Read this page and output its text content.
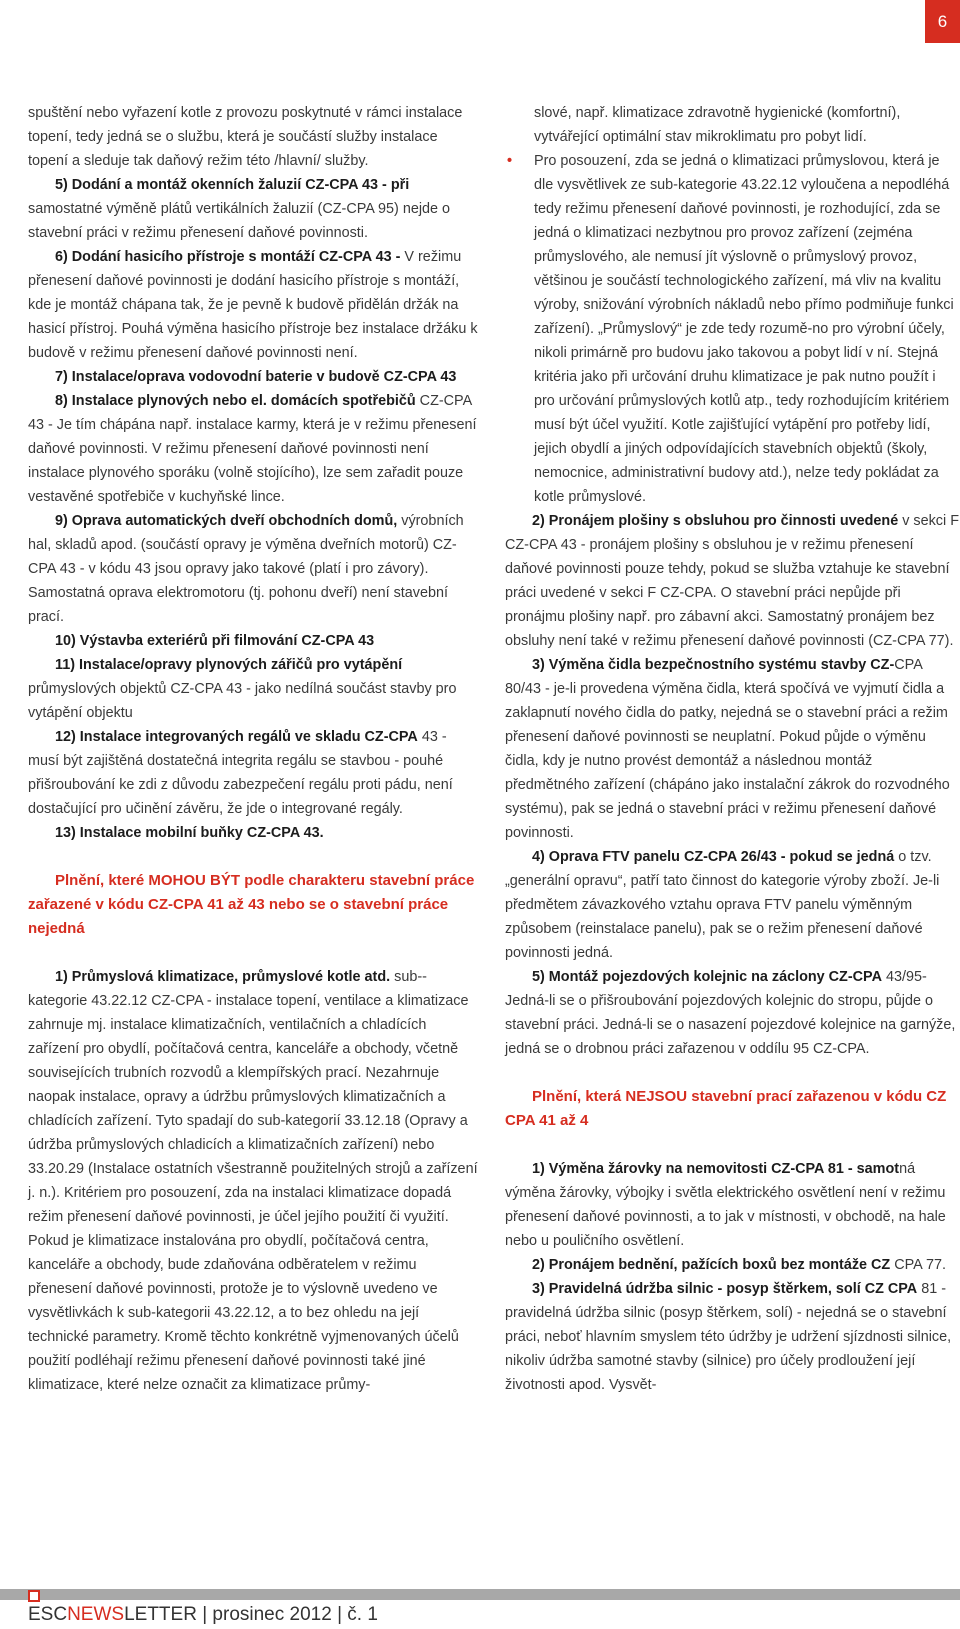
6

spuštění nebo vyřazení kotle z provozu poskytnuté v rámci instalace topení, tedy jedná se o službu, která je součástí služby instalace topení a sleduje tak daňový režim této /hlavní/ služby.

5) Dodání a montáž okenních žaluzií CZ-CPA 43 - při samostatné výměně plátů vertikálních žaluzií (CZ-CPA 95) nejde o stavební práci v režimu přenesení daňové povinnosti.

6) Dodání hasicího přístroje s montáží CZ-CPA 43 - V režimu přenesení daňové povinnosti je dodání hasicího přístroje s montáží, kde je montáž chápana tak, že je pevně k budově přidělán držák na hasicí přístroj. Pouhá výměna hasicího přístroje bez instalace držáku k budově v režimu přenesení daňové povinnosti není.

7) Instalace/oprava vodovodní baterie v budově CZ-CPA 43

8) Instalace plynových nebo el. domácích spotřebičů CZ-CPA 43 - Je tím chápána např. instalace karmy, která je v režimu přenesení daňové povinnosti. V režimu přenesení daňové povinnosti není instalace plynového sporáku (volně stojícího), lze sem zařadit pouze vestavěné spotřebiče v kuchyňské lince.

9) Oprava automatických dveří obchodních domů, výrobních hal, skladů apod. (součástí opravy je výměna dveřních motorů) CZ-CPA 43 - v kódu 43 jsou opravy jako takové (platí i pro závory). Samostatná oprava elektromotoru (tj. pohonu dveří) není stavební prací.

10) Výstavba exteriérů při filmování CZ-CPA 43

11) Instalace/opravy plynových zářičů pro vytápění průmyslových objektů CZ-CPA 43 - jako nedílná součást stavby pro vytápění objektu

12) Instalace integrovaných regálů ve skladu CZ-CPA 43 - musí být zajištěná dostatečná integrita regálu se stavbou - pouhé přišroubování ke zdi z důvodu zabezpečení regálu proti pádu, není dostačující pro učinění závěru, že jde o integrované regály.

13) Instalace mobilní buňky CZ-CPA 43.

Plnění, které MOHOU BÝT podle charakteru stavební práce zařazené v kódu CZ-CPA 41 až 43 nebo se o stavební práce nejedná

1) Průmyslová klimatizace, průmyslové kotle atd. sub--kategorie 43.22.12 CZ-CPA - instalace topení, ventilace a klimatizace zahrnuje mj. instalace klimatizačních, ventilačních a chladících zařízení pro obydlí, počítačová centra, kanceláře a obchody, včetně souvisejících trubních rozvodů a klempířských prací. Nezahrnuje naopak instalace, opravy a údržbu průmyslových klimatizačních a chladících zařízení. Tyto spadají do sub-kategorií 33.12.18 (Opravy a údržba průmyslových chladicích a klimatizačních zařízení) nebo 33.20.29 (Instalace ostatních všestranně použitelných strojů a zařízení j. n.). Kritériem pro posouzení, zda na instalaci klimatizace dopadá režim přenesení daňové povinnosti, je účel jejího použití či využití. Pokud je klimatizace instalována pro obydlí, počítačová centra, kanceláře a obchody, bude zdaňována odběratelem v režimu přenesení daňové povinnosti, protože je to výslovně uvedeno ve vysvětlivkách k sub-kategorii 43.22.12, a to bez ohledu na její technické parametry. Kromě těchto konkrétně vyjmenovaných účelů použití podléhají režimu přenesení daňové povinnosti také jiné klimatizace, které nelze označit za klimatizace průmy-

slové, např. klimatizace zdravotně hygienické (komfortní), vytvářející optimální stav mikroklimatu pro pobyt lidí.

• Pro posouzení, zda se jedná o klimatizaci průmyslovou, která je dle vysvětlivek ze sub-kategorie 43.22.12 vyloučena a nepodléhá tedy režimu přenesení daňové povinnosti, je rozhodující, zda se jedná o klimatizaci nezbytnou pro provoz zařízení (zejména průmyslového, ale nemusí jít výslovně o průmyslový provoz, většinou je součástí technologického zařízení, má vliv na kvalitu výroby, snižování výrobních nákladů nebo přímo podmiňuje funkci zařízení). „Průmyslový“ je zde tedy rozumě-no pro výrobní účely, nikoli primárně pro budovu jako takovou a pobyt lidí v ní. Stejná kritéria jako při určování druhu klimatizace je pak nutno použít i pro určování průmyslových kotlů atp., tedy rozhodujícím kritériem musí být účel využití. Kotle zajišťující vytápění pro potřeby lidí, jejich obydlí a jiných odpovídajících stavebních objektů (školy, nemocnice, administrativní budovy atd.), nelze tedy pokládat za kotle průmyslové.

2) Pronájem plošiny s obsluhou pro činnosti uvedené v sekci F CZ-CPA 43 - pronájem plošiny s obsluhou je v režimu přenesení daňové povinnosti pouze tehdy, pokud se služba vztahuje ke stavební práci uvedené v sekci F CZ-CPA. O stavební práci nepůjde při pronájmu plošiny např. pro zábavní akci. Samostatný pronájem bez obsluhy není také v režimu přenesení daňové povinnosti (CZ-CPA 77).

3) Výměna čidla bezpečnostního systému stavby CZ-CPA 80/43 - je-li provedena výměna čidla, která spočívá ve vyjmutí čidla a zaklapnutí nového čidla do patky, nejedná se o stavební práci a režim přenesení daňové povinnosti se neuplatní. Pokud půjde o výměnu čidla, kdy je nutno provést demontáž a následnou montáž předmětného zařízení (chápáno jako instalační zákrok do rozvodného systému), pak se jedná o stavební práci v režimu přenesení daňové povinnosti.

4) Oprava FTV panelu CZ-CPA 26/43 - pokud se jedná o tzv. „generální opravu“, patří tato činnost do kategorie výroby zboží. Je-li předmětem závazkového vztahu oprava FTV panelu výměnným způsobem (reinstalace panelu), pak se o režim přenesení daňové povinnosti jedná.

5) Montáž pojezdových kolejnic na záclony CZ-CPA 43/95- Jedná-li se o přišroubování pojezdových kolejnic do stropu, půjde o stavební práci. Jedná-li se o nasazení pojezdové kolejnice na garnýže, jedná se o drobnou práci zařazenou v oddílu 95 CZ-CPA.

Plnění, která NEJSOU stavební prací zařazenou v kódu CZ CPA 41 až 4

1) Výměna žárovky na nemovitosti CZ-CPA 81 - samotná výměna žárovky, výbojky i světla elektrického osvětlení není v režimu přenesení daňové povinnosti, a to jak v místnosti, v obchodě, na hale nebo u pouličního osvětlení.

2) Pronájem bednění, pažících boxů bez montáže CZ CPA 77.

3) Pravidelná údržba silnic - posyp štěrkem, solí CZ CPA 81 - pravidelná údržba silnic (posyp štěrkem, solí) - nejedná se o stavební práci, neboť hlavním smyslem této údržby je udržení sjízdnosti silnice, nikoliv údržba samotné stavby (silnice) pro účely prodloužení její životnosti apod. Vysvět-

ESCNEWSLETTER | prosinec 2012 | č. 1
